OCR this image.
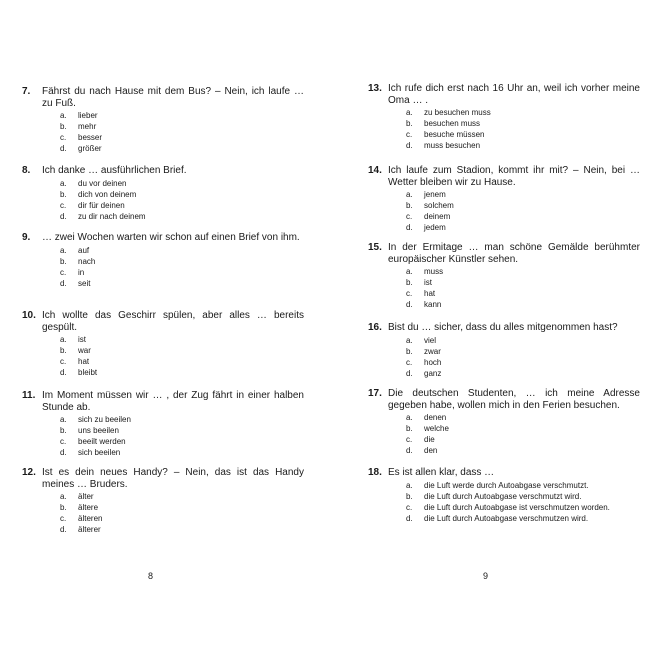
8
7. Fährst du nach Hause mit dem Bus? – Nein, ich laufe … zu Fuß.
a. lieber
b. mehr
c. besser
d. größer
8. Ich danke … ausführlichen Brief.
a. du vor deinen
b. dich von deinem
c. dir für deinen
d. zu dir nach deinem
9. … zwei Wochen warten wir schon auf einen Brief von ihm.
a. auf
b. nach
c. in
d. seit
10. Ich wollte das Geschirr spülen, aber alles … bereits gespült.
a. ist
b. war
c. hat
d. bleibt
11. Im Moment müssen wir … , der Zug fährt in einer halben Stunde ab.
a. sich zu beeilen
b. uns beeilen
c. beeilt werden
d. sich beeilen
12. Ist es dein neues Handy? – Nein, das ist das Handy meines … Bruders.
a. älter
b. ältere
c. älteren
d. älterer
9
13. Ich rufe dich erst nach 16 Uhr an, weil ich vorher meine Oma … .
a. zu besuchen muss
b. besuchen muss
c. besuche müssen
d. muss besuchen
14. Ich laufe zum Stadion, kommt ihr mit? – Nein, bei … Wetter bleiben wir zu Hause.
a. jenem
b. solchem
c. deinem
d. jedem
15. In der Ermitage … man schöne Gemälde berühmter europäischer Künstler sehen.
a. muss
b. ist
c. hat
d. kann
16. Bist du … sicher, dass du alles mitgenommen hast?
a. viel
b. zwar
c. hoch
d. ganz
17. Die deutschen Studenten, … ich meine Adresse gegeben habe, wollen mich in den Ferien besuchen.
a. denen
b. welche
c. die
d. den
18. Es ist allen klar, dass …
a. die Luft werde durch Autoabgase verschmutzt.
b. die Luft durch Autoabgase verschmutzt wird.
c. die Luft durch Autoabgase ist verschmutzen worden.
d. die Luft durch Autoabgase verschmutzen wird.
